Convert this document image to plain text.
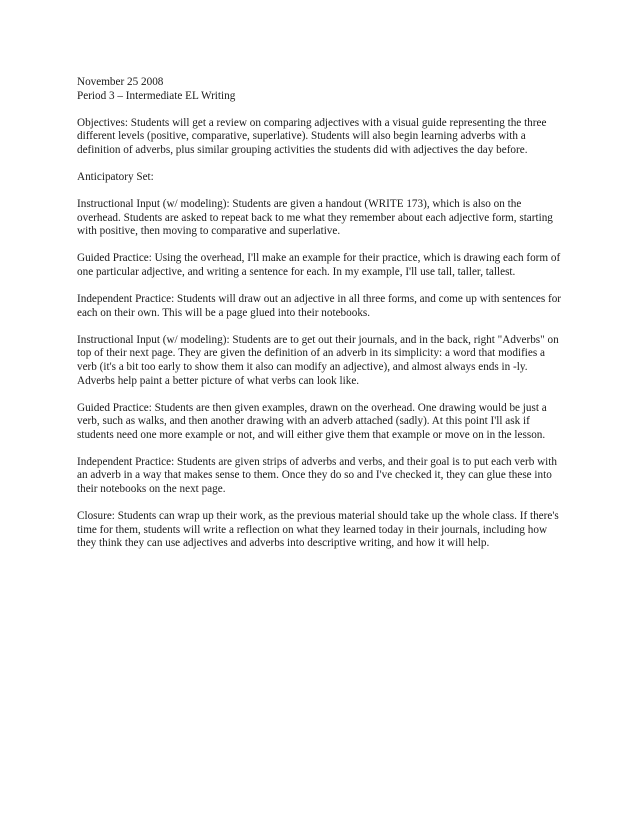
November 25 2008

Period 3 – Intermediate EL Writing

Objectives: Students will get a review on comparing adjectives with a visual guide representing the three different levels (positive, comparative, superlative). Students will also begin learning adverbs with a definition of adverbs, plus similar grouping activities the students did with adjectives the day before.

Anticipatory Set:

Instructional Input (w/ modeling): Students are given a handout (WRITE 173), which is also on the overhead. Students are asked to repeat back to me what they remember about each adjective form, starting with positive, then moving to comparative and superlative.

Guided Practice: Using the overhead, I'll make an example for their practice, which is drawing each form of one particular adjective, and writing a sentence for each. In my example, I'll use tall, taller, tallest.

Independent Practice: Students will draw out an adjective in all three forms, and come up with sentences for each on their own. This will be a page glued into their notebooks.

Instructional Input (w/ modeling): Students are to get out their journals, and in the back, right "Adverbs" on top of their next page. They are given the definition of an adverb in its simplicity: a word that modifies a verb (it's a bit too early to show them it also can modify an adjective), and almost always ends in -ly. Adverbs help paint a better picture of what verbs can look like.

Guided Practice: Students are then given examples, drawn on the overhead. One drawing would be just a verb, such as walks, and then another drawing with an adverb attached (sadly). At this point I'll ask if students need one more example or not, and will either give them that example or move on in the lesson.

Independent Practice: Students are given strips of adverbs and verbs, and their goal is to put each verb with an adverb in a way that makes sense to them. Once they do so and I've checked it, they can glue these into their notebooks on the next page.

Closure: Students can wrap up their work, as the previous material should take up the whole class. If there's time for them, students will write a reflection on what they learned today in their journals, including how they think they can use adjectives and adverbs into descriptive writing, and how it will help.
